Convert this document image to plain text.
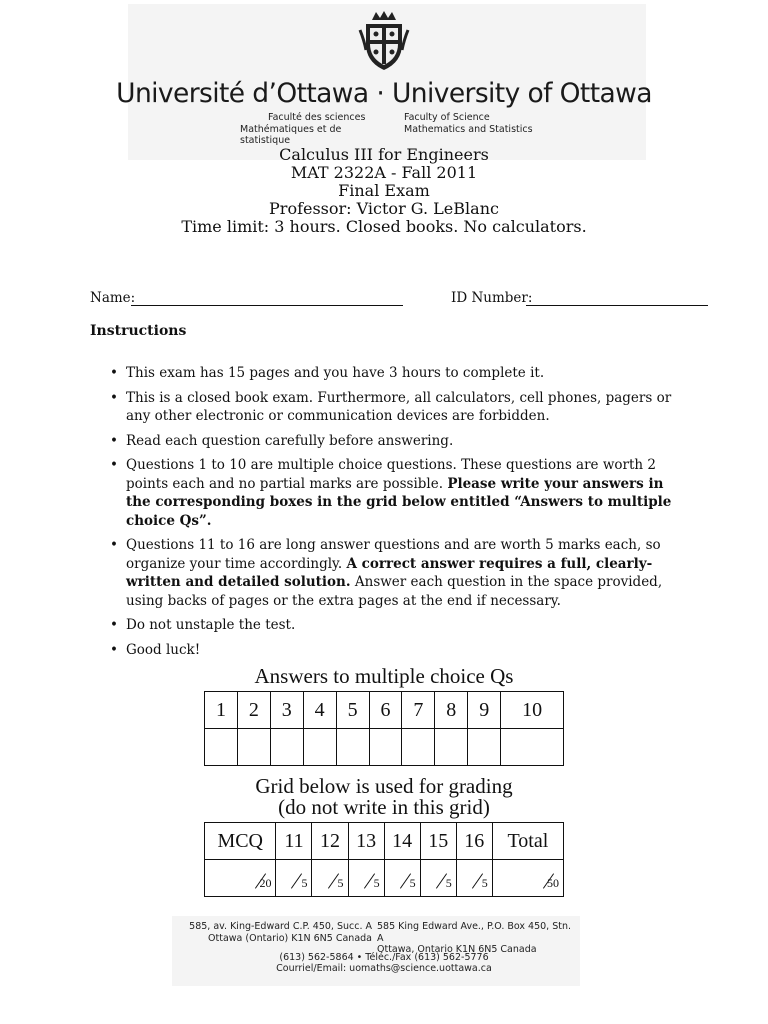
Université d’Ottawa · University of Ottawa
Faculté des sciences
Mathématiques et de statistique
Faculty of Science
Mathematics and Statistics
Calculus III for Engineers
MAT 2322A - Fall 2011
Final Exam
Professor: Victor G. LeBlanc
Time limit: 3 hours. Closed books. No calculators.
Name:	ID Number:
Instructions
• This exam has 15 pages and you have 3 hours to complete it.
• This is a closed book exam. Furthermore, all calculators, cell phones, pagers or any other electronic or communication devices are forbidden.
• Read each question carefully before answering.
• Questions 1 to 10 are multiple choice questions. These questions are worth 2 points each and no partial marks are possible. Please write your answers in the corresponding boxes in the grid below entitled “Answers to multiple choice Qs”.
• Questions 11 to 16 are long answer questions and are worth 5 marks each, so organize your time accordingly. A correct answer requires a full, clearly-written and detailed solution. Answer each question in the space provided, using backs of pages or the extra pages at the end if necessary.
• Do not unstaple the test.
• Good luck!
Answers to multiple choice Qs
1	2	3	4	5	6	7	8	9	10

Grid below is used for grading
(do not write in this grid)
MCQ	11	12	13	14	15	16	Total

20	5	5	5	5	5	5	50
585, av. King-Edward C.P. 450, Succ. A
Ottawa (Ontario) K1N 6N5 Canada
585 King Edward Ave., P.O. Box 450, Stn. A
Ottawa, Ontario K1N 6N5 Canada
(613) 562-5864 • Téléc./Fax (613) 562-5776
Courriel/Email: uomaths@science.uottawa.ca
